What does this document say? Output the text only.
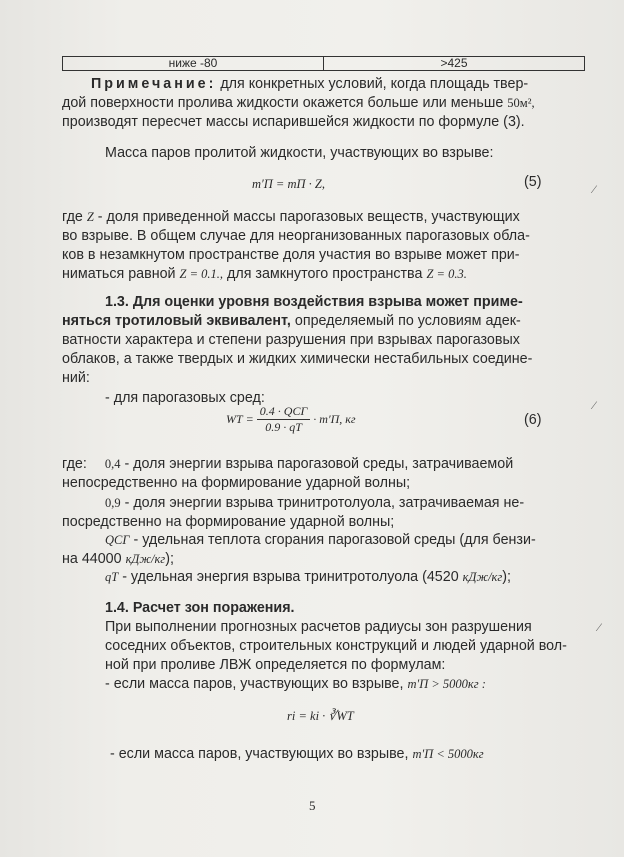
ниже -80	>425
Примечание: для конкретных условий, когда площадь твер-
дой поверхности пролива жидкости окажется больше или меньше 50м²,
производят пересчет массы испарившейся жидкости по формуле (3).
Масса паров пролитой жидкости, участвующих во взрыве:
m′П = mП · Z,	(5)
где Z - доля приведенной массы парогазовых веществ, участвующих
во взрыве. В общем случае для неорганизованных парогазовых обла-
ков в незамкнутом пространстве доля участия во взрыве может при-
ниматься равной Z = 0.1., для замкнутого пространства Z = 0.3.
1.3. Для оценки уровня воздействия взрыва может приме-
няться тротиловый эквивалент, определяемый по условиям адек-
ватности характера и степени разрушения при взрывах парогазовых
облаков, а также твердых и жидких химически нестабильных соедине-
ний:
- для парогазовых сред:
WТ = $\frac{\text{0.4 · QСГ}}{0.9 \cdot qТ} \cdot m'П$, кг	(6)
где: 0,4 - доля энергии взрыва парогазовой среды, затрачиваемой
непосредственно на формирование ударной волны;
0,9 - доля энергии взрыва тринитротолуола, затрачиваемая не-
посредственно на формирование ударной волны;
QСГ - удельная теплота сгорания парогазовой среды (для бензи-
на 44000 кДж/кг);
qТ - удельная энергия взрыва тринитротолуола (4520 кДж/кг);
1.4. Расчет зон поражения.
При выполнении прогнозных расчетов радиусы зон разрушения
соседних объектов, строительных конструкций и людей ударной вол-
ной при проливе ЛВЖ определяется по формулам:
- если масса паров, участвующих во взрыве, m′П > 5000кг :
ri = ki · ∛WТ
- если масса паров, участвующих во взрыве, m′П < 5000кг
5
⁄
⁄
⁄
